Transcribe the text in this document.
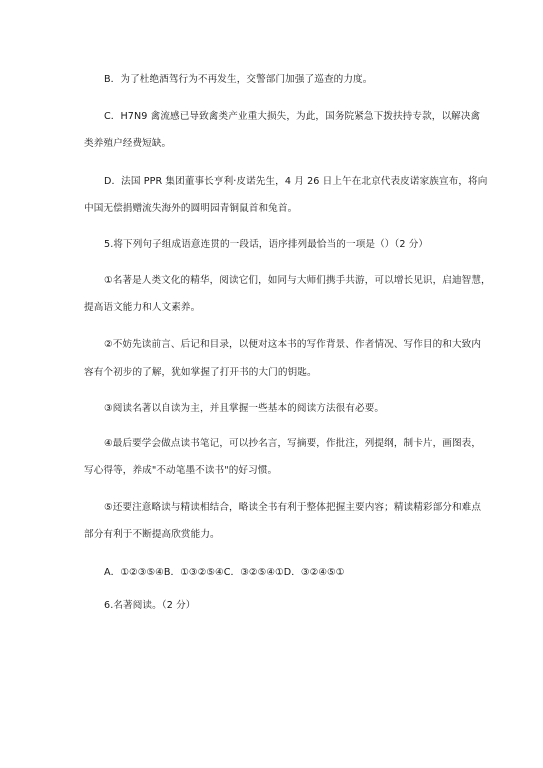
B．为了杜绝酒驾行为不再发生，交警部门加强了巡查的力度。
C．H7N9 禽流感已导致禽类产业重大损失，为此，国务院紧急下拨扶持专款，以解决禽
类养殖户经费短缺。
D．法国 PPR 集团董事长亨利·皮诺先生，4 月 26 日上午在北京代表皮诺家族宣布，将向
中国无偿捐赠流失海外的圆明园青铜鼠首和兔首。
5.将下列句子组成语意连贯的一段话，语序排列最恰当的一项是（）（2 分）
①名著是人类文化的精华，阅读它们，如同与大师们携手共游，可以增长见识，启迪智慧，
提高语文能力和人文素养。
②不妨先读前言、后记和目录，以便对这本书的写作背景、作者情况、写作目的和大致内
容有个初步的了解，犹如掌握了打开书的大门的钥匙。
③阅读名著以自读为主，并且掌握一些基本的阅读方法很有必要。
④最后要学会做点读书笔记，可以抄名言，写摘要，作批注，列提纲，制卡片，画图表，
写心得等，养成"不动笔墨不读书"的好习惯。
⑤还要注意略读与精读相结合，略读全书有利于整体把握主要内容；精读精彩部分和难点
部分有利于不断提高欣赏能力。
A．①②③⑤④B．①③②⑤④C．③②⑤④①D．③②④⑤①
6.名著阅读。（2 分）
